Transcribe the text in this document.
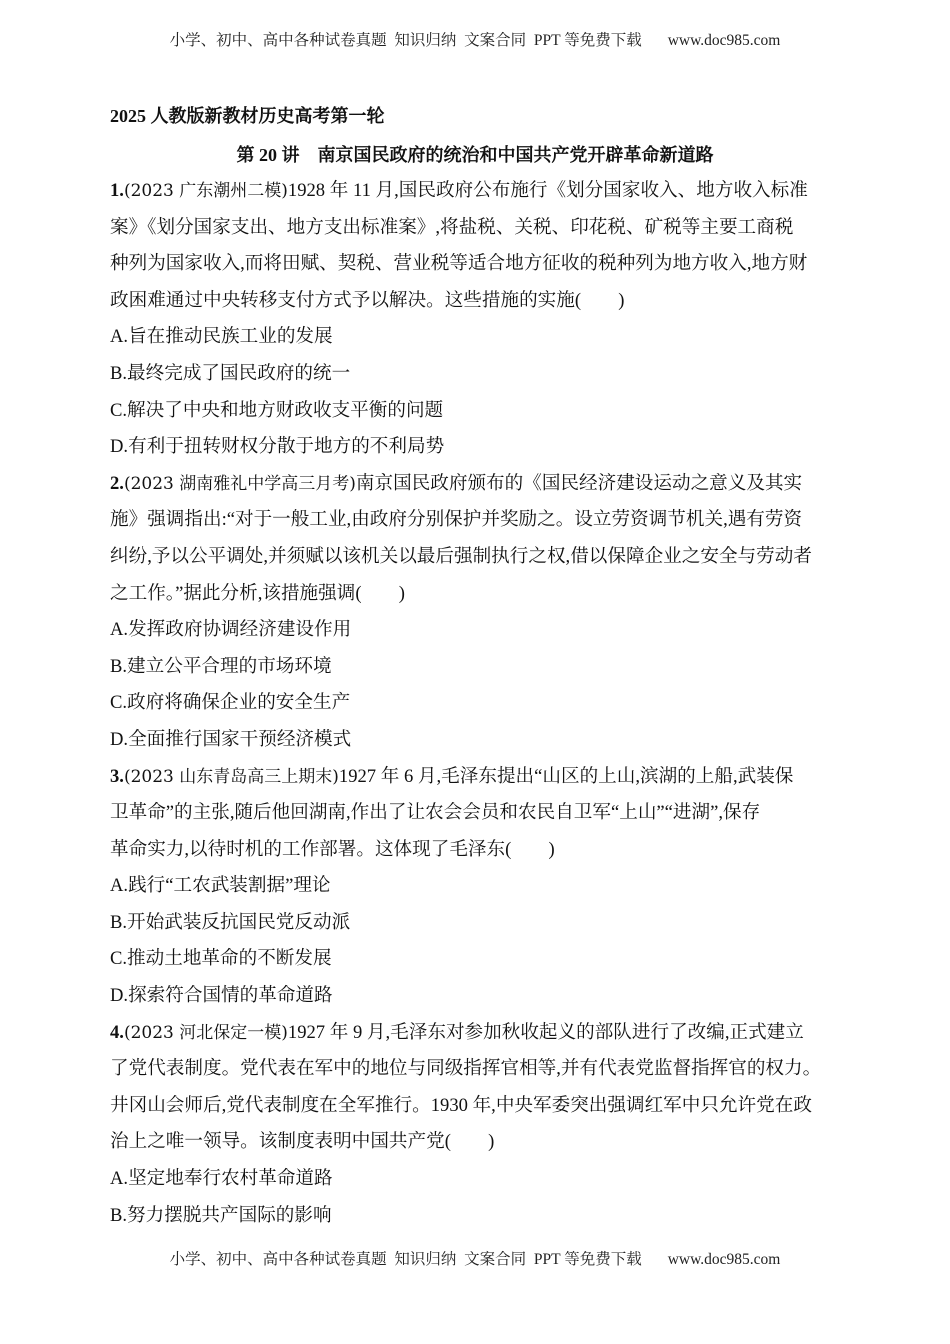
小学、初中、高中各种试卷真题  知识归纳  文案合同  PPT 等免费下载 www.doc985.com
2025 人教版新教材历史高考第一轮
第 20 讲 南京国民政府的统治和中国共产党开辟革命新道路
1.(2023 广东潮州二模)1928 年 11 月,国民政府公布施行《划分国家收入、地方收入标准
案》《划分国家支出、地方支出标准案》,将盐税、关税、印花税、矿税等主要工商税
种列为国家收入,而将田赋、契税、营业税等适合地方征收的税种列为地方收入,地方财
政困难通过中央转移支付方式予以解决。这些措施的实施(　　)
A.旨在推动民族工业的发展
B.最终完成了国民政府的统一
C.解决了中央和地方财政收支平衡的问题
D.有利于扭转财权分散于地方的不利局势
2.(2023 湖南雅礼中学高三月考)南京国民政府颁布的《国民经济建设运动之意义及其实
施》强调指出:“对于一般工业,由政府分别保护并奖励之。设立劳资调节机关,遇有劳资
纠纷,予以公平调处,并须赋以该机关以最后强制执行之权,借以保障企业之安全与劳动者
之工作。”据此分析,该措施强调(　　)
A.发挥政府协调经济建设作用
B.建立公平合理的市场环境
C.政府将确保企业的安全生产
D.全面推行国家干预经济模式
3.(2023 山东青岛高三上期末)1927 年 6 月,毛泽东提出“山区的上山,滨湖的上船,武装保
卫革命”的主张,随后他回湖南,作出了让农会会员和农民自卫军“上山”“进湖”,保存
革命实力,以待时机的工作部署。这体现了毛泽东(　　)
A.践行“工农武装割据”理论
B.开始武装反抗国民党反动派
C.推动土地革命的不断发展
D.探索符合国情的革命道路
4.(2023 河北保定一模)1927 年 9 月,毛泽东对参加秋收起义的部队进行了改编,正式建立
了党代表制度。党代表在军中的地位与同级指挥官相等,并有代表党监督指挥官的权力。
井冈山会师后,党代表制度在全军推行。1930 年,中央军委突出强调红军中只允许党在政
治上之唯一领导。该制度表明中国共产党(　　)
A.坚定地奉行农村革命道路
B.努力摆脱共产国际的影响
小学、初中、高中各种试卷真题  知识归纳  文案合同  PPT 等免费下载 www.doc985.com
